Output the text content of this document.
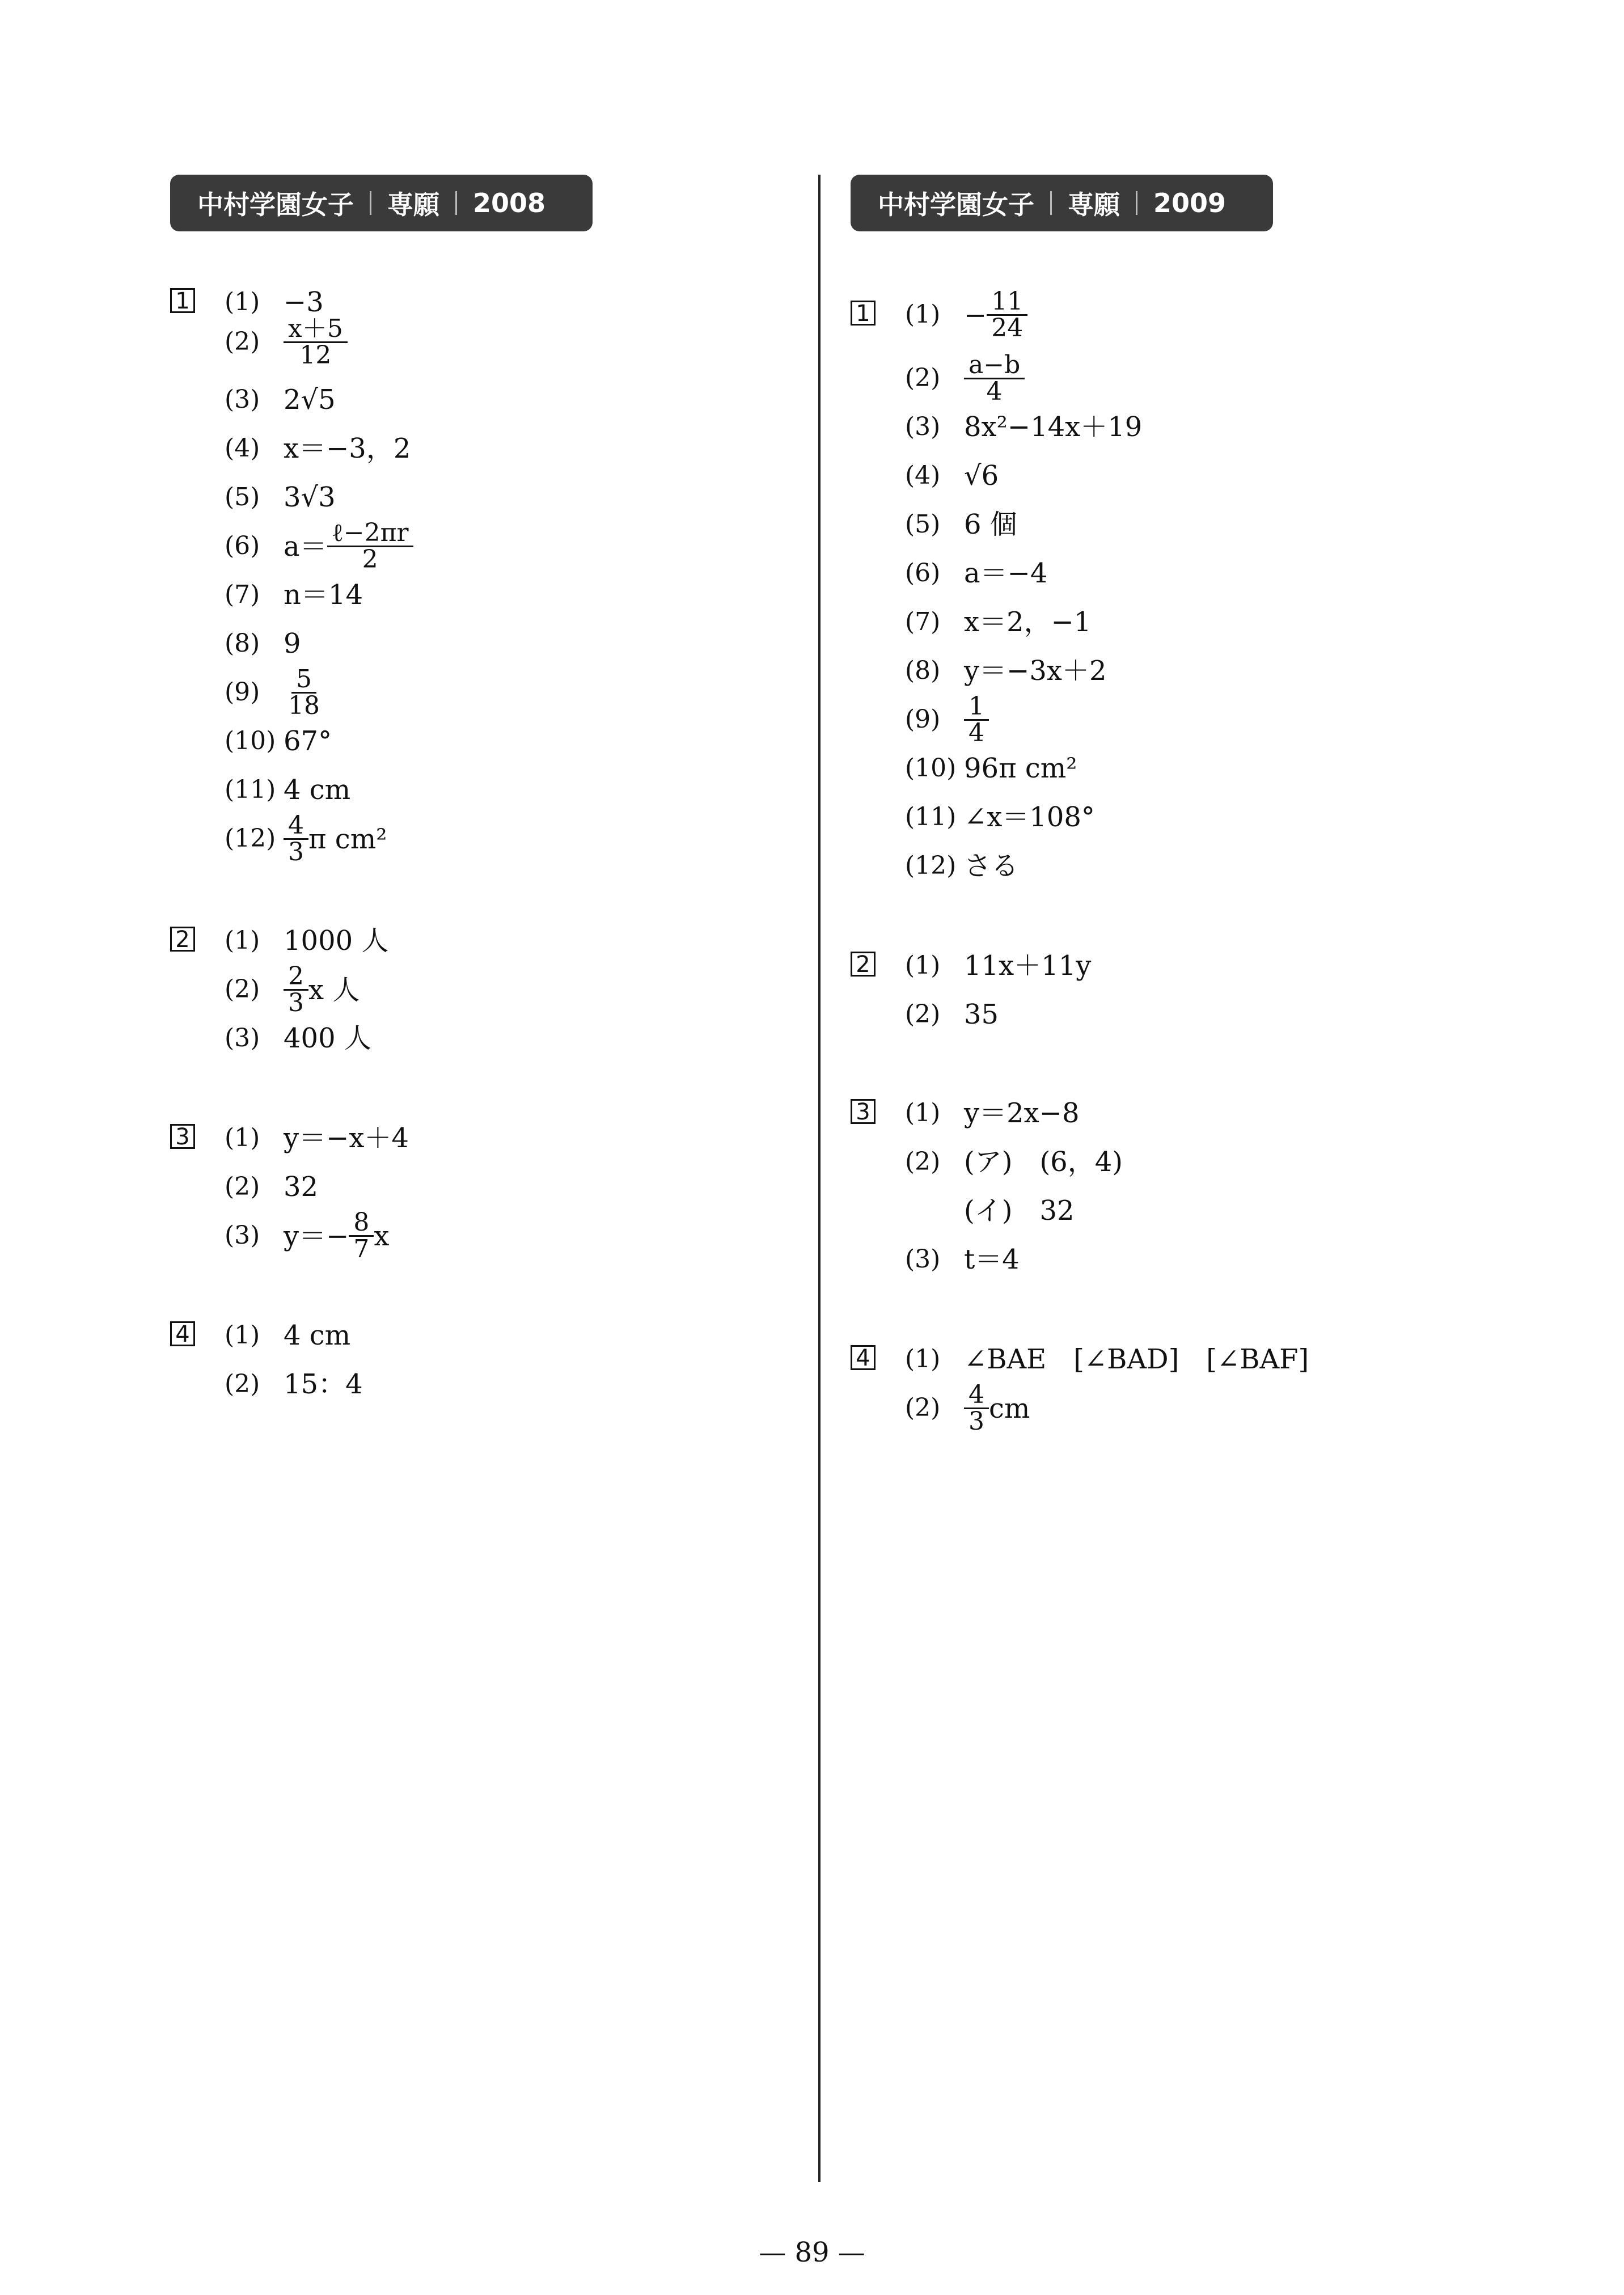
中村学園女子 専願 2008
1 (1) −3
$(2) \frac{x+5}{12}$
(3) 2√5
(4) x＝−3，2
(5) 3√3
(6) $a= \frac{\text{ℓ−2πr}}{2}$
(7) n＝14
(8) 9
$(9) \frac{5}{18}$
(10) 67°
(11) 4 cm
$(12) \frac{4}{3}$ π cm²
2 (1) 1000 人
$(2) \frac{2}{3}$ x 人
(3) 400 人
3 (1) y＝−x＋4
(2) 32
(3) $y=- \frac{8}{7}$ x
4 (1) 4 cm
(2) 15：4
中村学園女子 専願 2009
1 $(1) - \frac{11}{24}$
$(2) \frac{a-b}{4}$
(3) 8x²−14x＋19
(4) √6
(5) 6 個
(6) a＝−4
(7) x＝2，−1
(8) y＝−3x＋2
$(9) \frac{1}{4}$
(10) 96π cm²
(11) ∠x＝108°
(12) さる
2 (1) 11x＋11y
(2) 35
3 (1) y＝2x−8
(2) (ア)　(6，4)
(イ)　32
(3) t＝4
4 (1) ∠BAE　[∠BAD]　[∠BAF]
$(2) \frac{4}{3}$ cm
— 89 —
